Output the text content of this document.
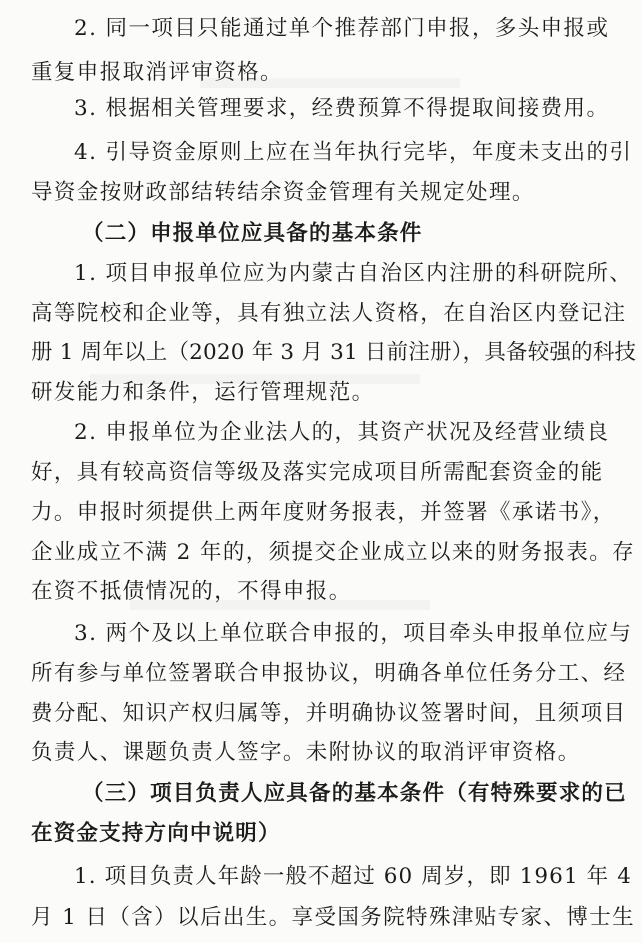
2. 同一项目只能通过单个推荐部门申报，多头申报或
重复申报取消评审资格。
3. 根据相关管理要求，经费预算不得提取间接费用。
4. 引导资金原则上应在当年执行完毕，年度未支出的引
导资金按财政部结转结余资金管理有关规定处理。
（二）申报单位应具备的基本条件
1. 项目申报单位应为内蒙古自治区内注册的科研院所、
高等院校和企业等，具有独立法人资格，在自治区内登记注
册 1 周年以上（2020 年 3 月 31 日前注册），具备较强的科技
研发能力和条件，运行管理规范。
2. 申报单位为企业法人的，其资产状况及经营业绩良
好，具有较高资信等级及落实完成项目所需配套资金的能
力。申报时须提供上两年度财务报表，并签署《承诺书》，
企业成立不满 2 年的，须提交企业成立以来的财务报表。存
在资不抵债情况的，不得申报。
3. 两个及以上单位联合申报的，项目牵头申报单位应与
所有参与单位签署联合申报协议，明确各单位任务分工、经
费分配、知识产权归属等，并明确协议签署时间，且须项目
负责人、课题负责人签字。未附协议的取消评审资格。
（三）项目负责人应具备的基本条件（有特殊要求的已
在资金支持方向中说明）
1. 项目负责人年龄一般不超过 60 周岁，即 1961 年 4
月 1 日（含）以后出生。享受国务院特殊津贴专家、博士生
